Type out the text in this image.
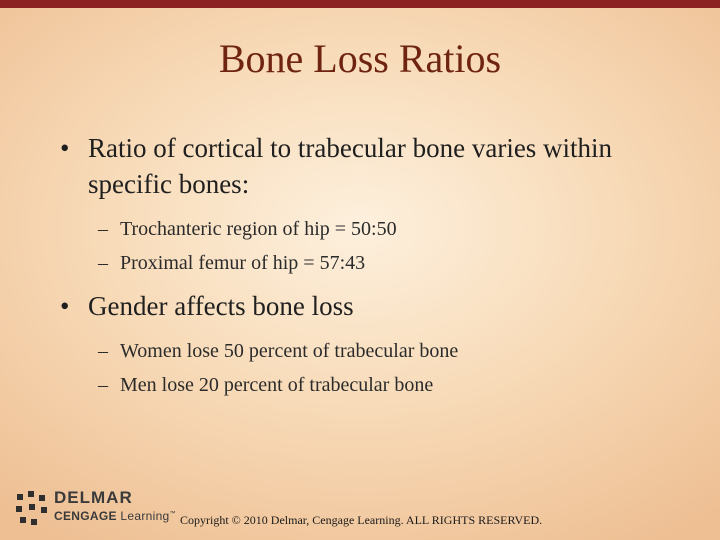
Bone Loss Ratios
• Ratio of cortical to trabecular bone varies within specific bones:
– Trochanteric region of hip = 50:50
– Proximal femur of hip = 57:43
• Gender affects bone loss
– Women lose 50 percent of trabecular bone
– Men lose 20 percent of trabecular bone
DELMAR
CENGAGE Learning™ Copyright © 2010 Delmar, Cengage Learning. ALL RIGHTS RESERVED.
